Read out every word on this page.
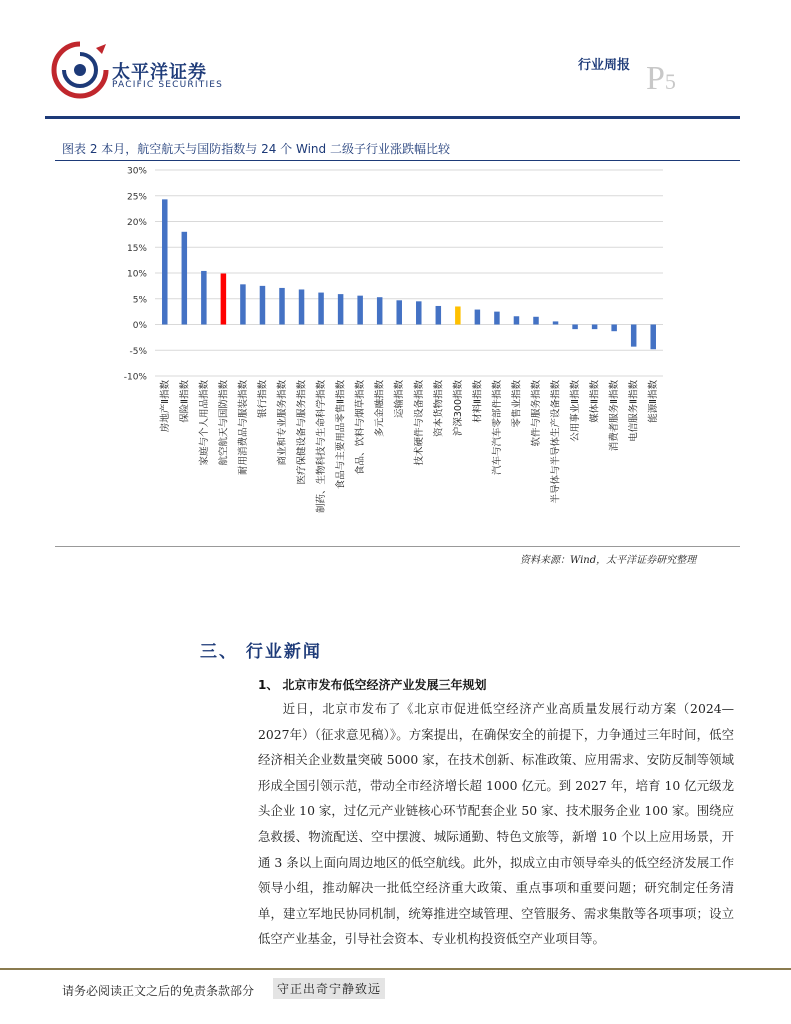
太平洋证券
PACIFIC SECURITIES
行业周报 P5
图表 2 本月，航空航天与国防指数与 24 个 Wind 二级子行业涨跌幅比较
30%
25%
20%
15%
10%
5%
0%
-5%
-10%
房地产Ⅱ指数 保险Ⅱ指数 家庭与个人用品指数 航空航天与国防指数 耐用消费品与服装指数 银行指数 商业和专业服务指数 医疗保健设备与服务指数 制药、生物科技与生命科学指数 食品与主要用品零售Ⅱ指数 食品、饮料与烟草指数 多元金融指数 运输指数 技术硬件与设备指数 资本货物指数 沪深300指数 材料Ⅱ指数 汽车与汽车零部件指数 零售业指数 软件与服务指数 半导体与半导体生产设备指数 公用事业Ⅱ指数 媒体Ⅱ指数 消费者服务Ⅱ指数 电信服务Ⅱ指数 能源Ⅱ指数
资料来源：Wind，太平洋证券研究整理
三、 行业新闻
1、 北京市发布低空经济产业发展三年规划

近日，北京市发布了《北京市促进低空经济产业高质量发展行动方案（2024—2027年）（征求意见稿）》。方案提出，在确保安全的前提下，力争通过三年时间，低空经济相关企业数量突破 5000 家，在技术创新、标准政策、应用需求、安防反制等领域形成全国引领示范，带动全市经济增长超 1000 亿元。到 2027 年，培育 10 亿元级龙头企业 10 家，过亿元产业链核心环节配套企业 50 家、技术服务企业 100 家。围绕应急救援、物流配送、空中摆渡、城际通勤、特色文旅等，新增 10 个以上应用场景，开通 3 条以上面向周边地区的低空航线。此外，拟成立由市领导牵头的低空经济发展工作领导小组，推动解决一批低空经济重大政策、重点事项和重要问题；研究制定任务清单，建立军地民协同机制，统筹推进空域管理、空管服务、需求集散等各项事项；设立低空产业基金，引导社会资本、专业机构投资低空产业项目等。

请务必阅读正文之后的免责条款部分	守正出奇宁静致远
